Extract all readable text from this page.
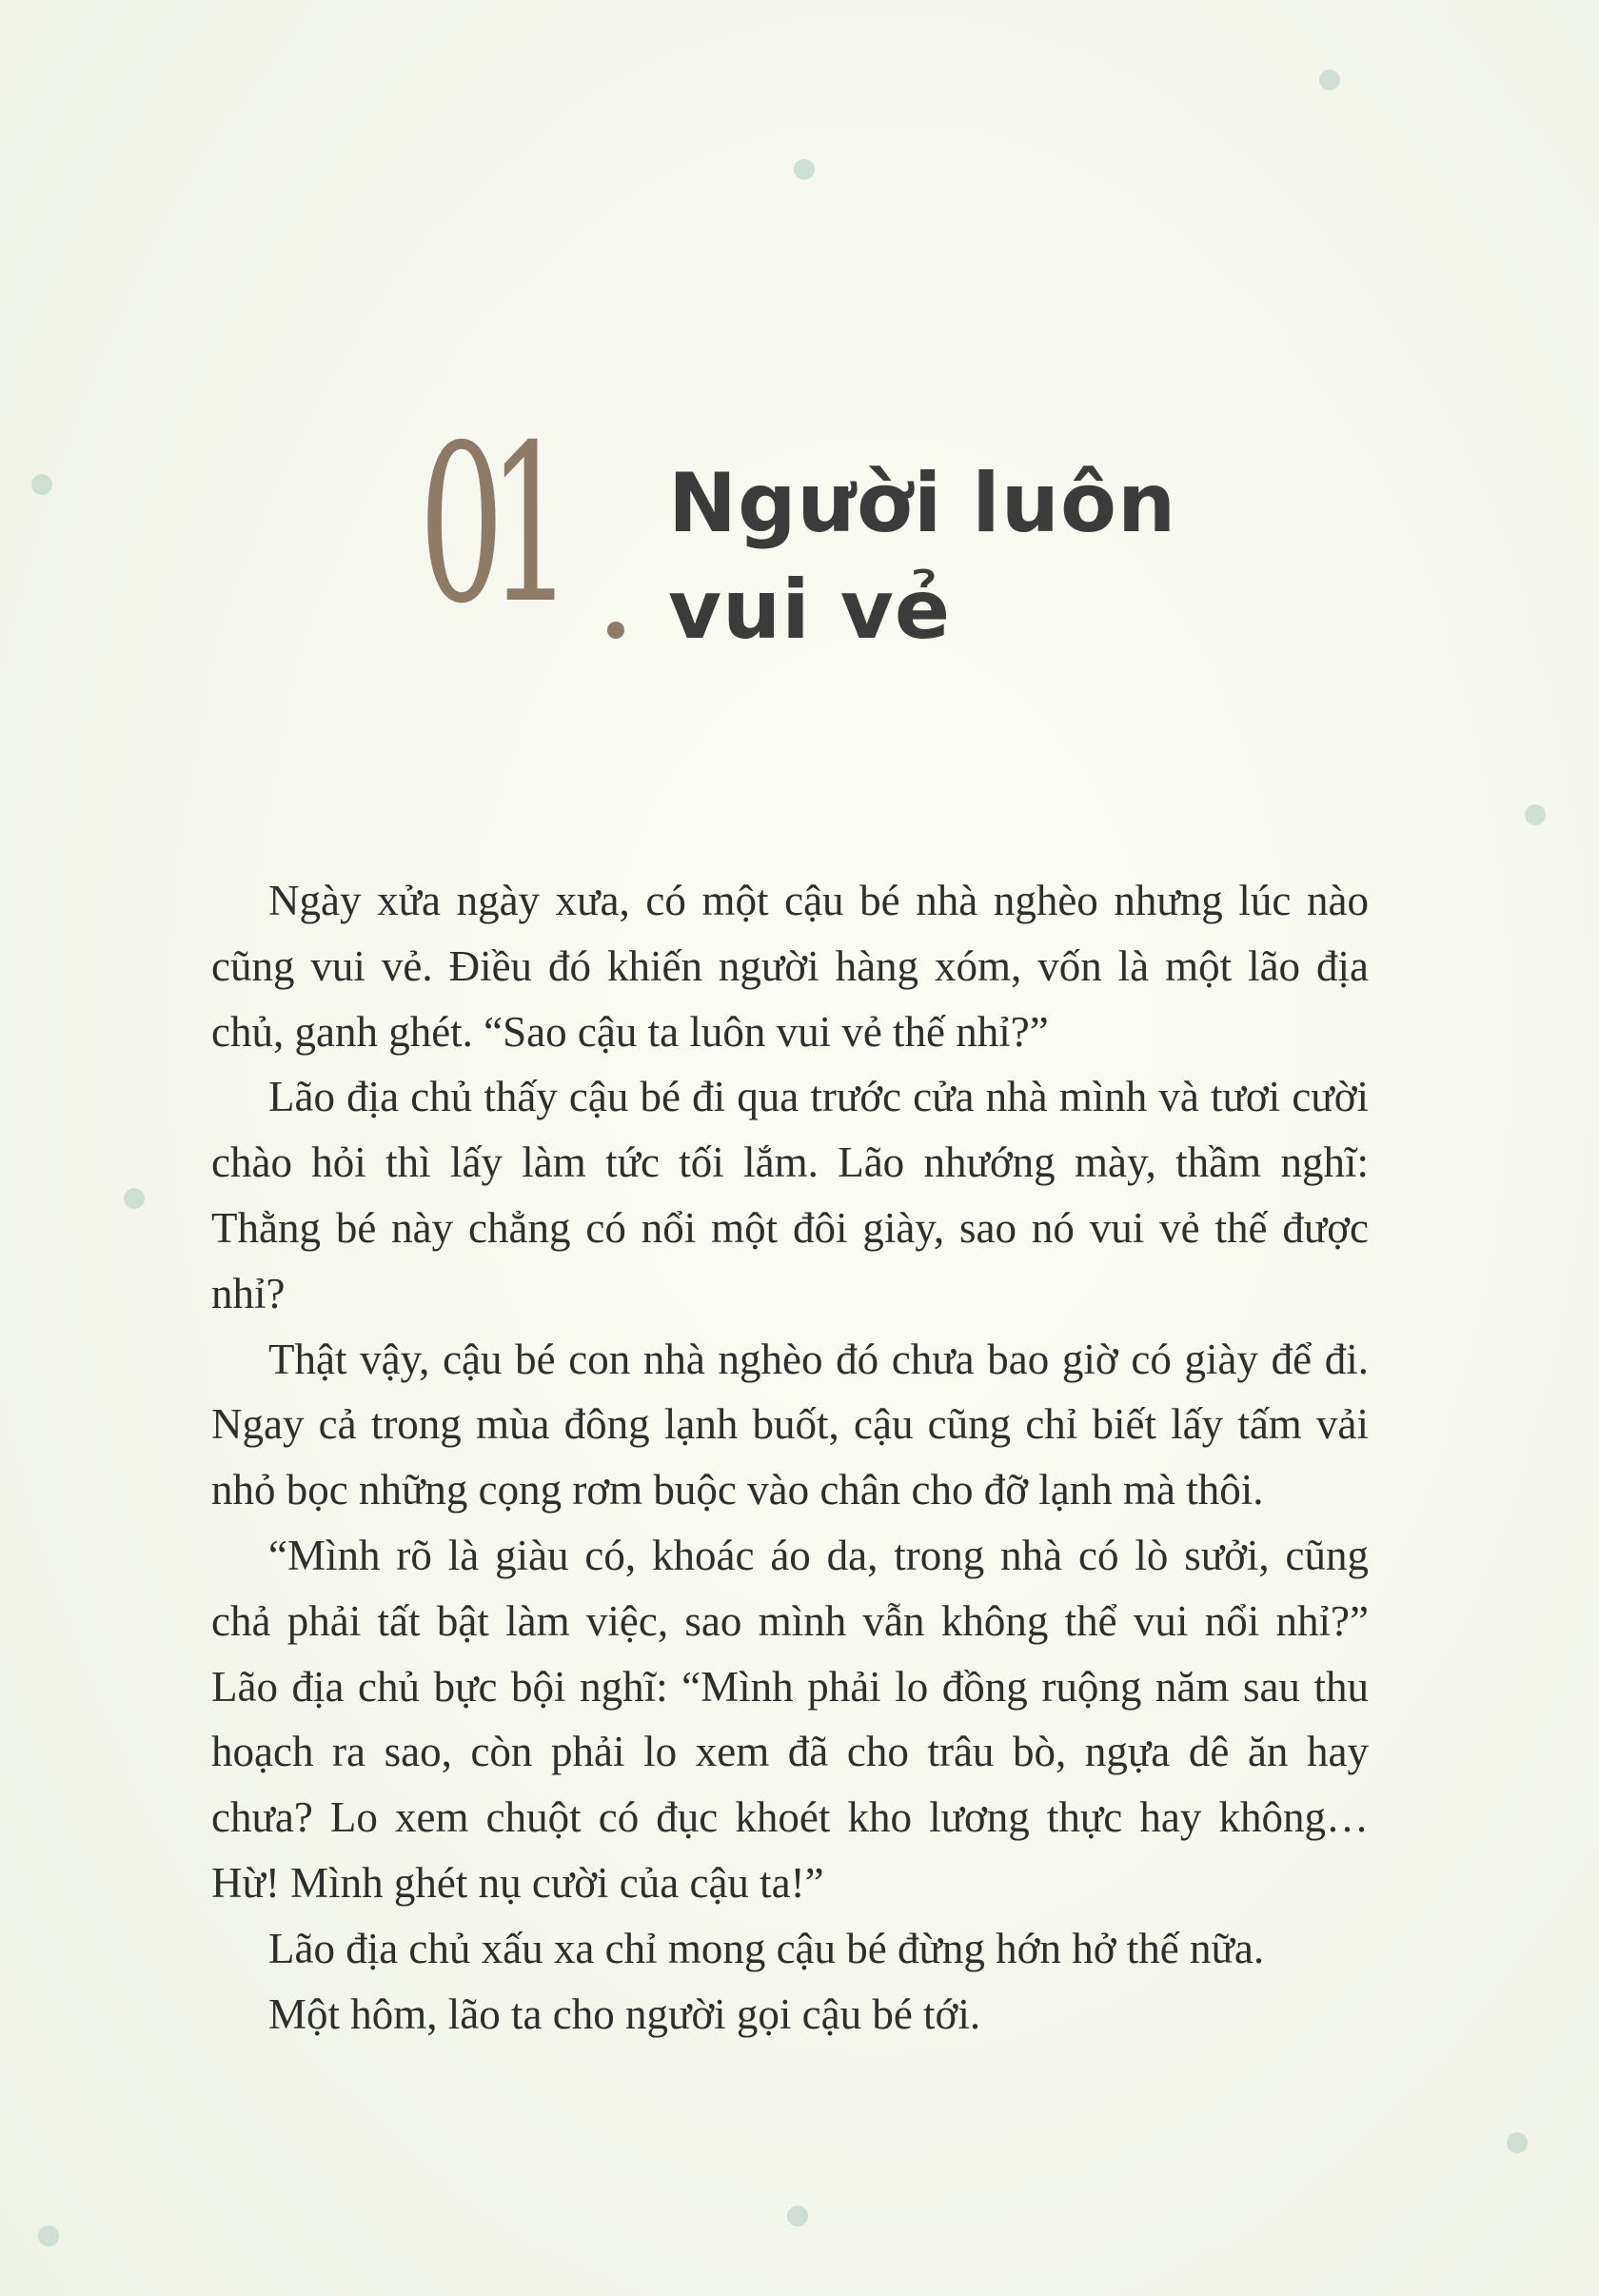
01 Người luôn
vui vẻ

Ngày xửa ngày xưa, có một cậu bé nhà nghèo nhưng lúc nào cũng vui vẻ. Điều đó khiến người hàng xóm, vốn là một lão địa chủ, ganh ghét. “Sao cậu ta luôn vui vẻ thế nhỉ?”

Lão địa chủ thấy cậu bé đi qua trước cửa nhà mình và tươi cười chào hỏi thì lấy làm tức tối lắm. Lão nhướng mày, thầm nghĩ: Thằng bé này chẳng có nổi một đôi giày, sao nó vui vẻ thế được nhỉ?

Thật vậy, cậu bé con nhà nghèo đó chưa bao giờ có giày để đi. Ngay cả trong mùa đông lạnh buốt, cậu cũng chỉ biết lấy tấm vải nhỏ bọc những cọng rơm buộc vào chân cho đỡ lạnh mà thôi.

“Mình rõ là giàu có, khoác áo da, trong nhà có lò sưởi, cũng chả phải tất bật làm việc, sao mình vẫn không thể vui nổi nhỉ?” Lão địa chủ bực bội nghĩ: “Mình phải lo đồng ruộng năm sau thu hoạch ra sao, còn phải lo xem đã cho trâu bò, ngựa dê ăn hay chưa? Lo xem chuột có đục khoét kho lương thực hay không… Hừ! Mình ghét nụ cười của cậu ta!”

Lão địa chủ xấu xa chỉ mong cậu bé đừng hớn hở thế nữa.

Một hôm, lão ta cho người gọi cậu bé tới.
